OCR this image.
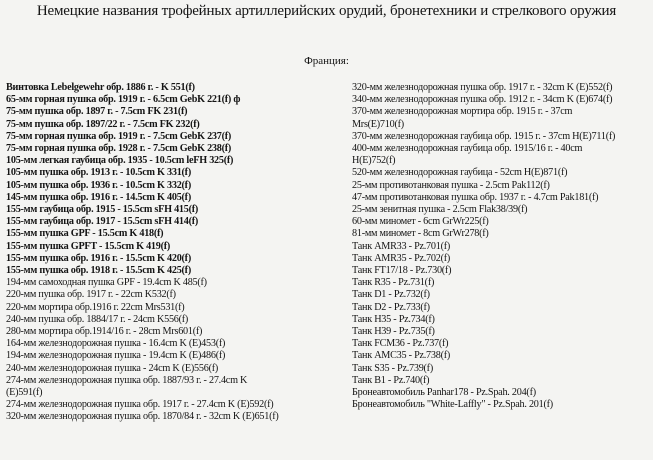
Немецкие названия трофейных артиллерийских орудий, бронетехники и стрелкового оружия
Франция:
Винтовка Lebelgewehr обр. 1886 г. - K 551(f)
65-мм горная пушка обр. 1919 г. - 6.5cm GebK 221(f) ф
75-мм пушка обр. 1897 г. - 7.5cm FK 231(f)
75-мм пушка обр. 1897/22 г. - 7.5cm FK 232(f)
75-мм горная пушка обр. 1919 г. - 7.5cm GebK 237(f)
75-мм горная пушка обр. 1928 г. - 7.5cm GebK 238(f)
105-мм легкая гаубица обр. 1935 - 10.5cm leFH 325(f)
105-мм пушка обр. 1913 г. - 10.5cm K 331(f)
105-мм пушка обр. 1936 г. - 10.5cm K 332(f)
145-мм пушка обр. 1916 г. - 14.5cm K 405(f)
155-мм гаубица обр. 1915 - 15.5cm sFH 415(f)
155-мм гаубица обр. 1917 - 15.5cm sFH 414(f)
155-мм пушка GPF - 15.5cm K 418(f)
155-мм пушка GPFT - 15.5cm K 419(f)
155-мм пушка обр. 1916 г. - 15.5cm K 420(f)
155-мм пушка обр. 1918 г. - 15.5cm K 425(f)
194-мм самоходная пушка GPF - 19.4cm K 485(f)
220-мм пушка обр. 1917 г. - 22cm K532(f)
220-мм мортира обр.1916 г. 22cm Mrs531(f)
240-мм пушка обр. 1884/17 г. - 24cm K556(f)
280-мм мортира обр.1914/16 г. - 28cm Mrs601(f)
164-мм железнодорожная пушка - 16.4cm K (E)453(f)
194-мм железнодорожная пушка - 19.4cm K (E)486(f)
240-мм железнодорожная пушка - 24cm K (E)556(f)
274-мм железнодорожная пушка обр. 1887/93 г. - 27.4cm K
(E)591(f)
274-мм железнодорожная пушка обр. 1917 г. - 27.4cm K (E)592(f)
320-мм железнодорожная пушка обр. 1870/84 г. - 32cm K (E)651(f)
320-мм железнодорожная пушка обр. 1917 г. - 32cm K (E)552(f)
340-мм железнодорожная пушка обр. 1912 г. - 34cm K (E)674(f)
370-мм железнодорожная мортира обр. 1915 г. - 37cm
Mrs(E)710(f)
370-мм железнодорожная гаубица обр. 1915 г. - 37cm H(E)711(f)
400-мм железнодорожная гаубица обр. 1915/16 г. - 40cm
H(E)752(f)
520-мм железнодорожная гаубица - 52cm H(E)871(f)
25-мм противотанковая пушка - 2.5cm Pak112(f)
47-мм противотанковая пушка обр. 1937 г. - 4.7cm Pak181(f)
25-мм зенитная пушка - 2.5cm Flak38/39(f)
60-мм миномет - 6cm GrWr225(f)
81-мм миномет - 8cm GrWr278(f)
Танк AMR33 - Pz.701(f)
Танк AMR35 - Pz.702(f)
Танк FT17/18 - Pz.730(f)
Танк R35 - Pz.731(f)
Танк D1 - Pz.732(f)
Танк D2 - Pz.733(f)
Танк H35 - Pz.734(f)
Танк H39 - Pz.735(f)
Танк FCM36 - Pz.737(f)
Танк AMC35 - Pz.738(f)
Танк S35 - Pz.739(f)
Танк B1 - Pz.740(f)
Бронеавтомобиль Panhar178 - Pz.Spah. 204(f)
Бронеавтомобиль "White-Laffly" - Pz.Spah. 201(f)
